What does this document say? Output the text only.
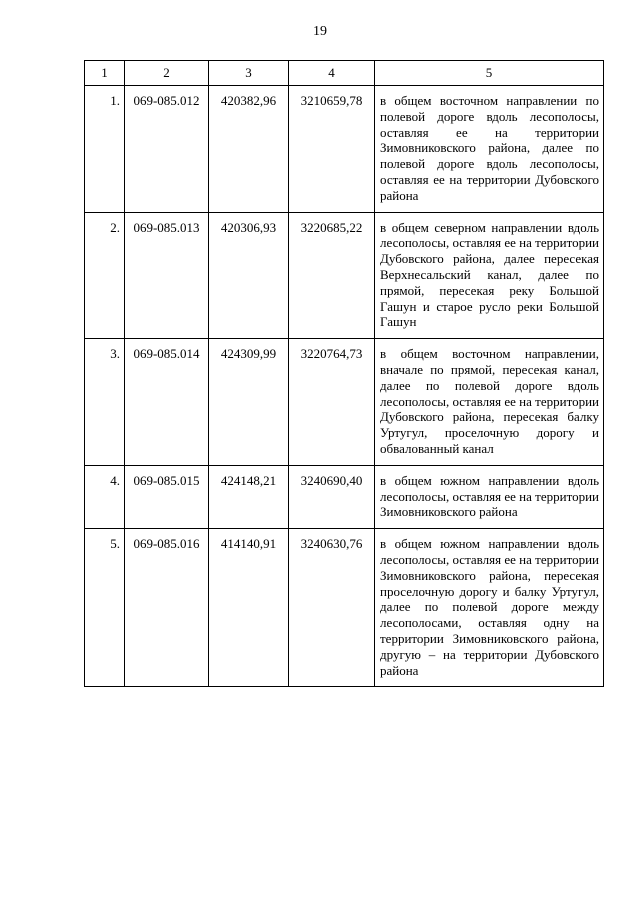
19
1	2	3	4	5
1.	069-085.012	420382,96	3210659,78	в общем восточном направлении по полевой дороге вдоль лесополосы, оставляя ее на территории Зимовниковского района, далее по полевой дороге вдоль лесополосы, оставляя ее на территории Дубовского района
2.	069-085.013	420306,93	3220685,22	в общем северном направлении вдоль лесополосы, оставляя ее на территории Дубовского района, далее пересекая Верхнесальский канал, далее по прямой, пересекая реку Большой Гашун и старое русло реки Большой Гашун
3.	069-085.014	424309,99	3220764,73	в общем восточном направлении, вначале по прямой, пересекая канал, далее по полевой дороге вдоль лесополосы, оставляя ее на территории Дубовского района, пересекая балку Уртугул, проселочную дорогу и обвалованный канал
4.	069-085.015	424148,21	3240690,40	в общем южном направлении вдоль лесополосы, оставляя ее на территории Зимовниковского района
5.	069-085.016	414140,91	3240630,76	в общем южном направлении вдоль лесополосы, оставляя ее на территории Зимовниковского района, пересекая проселочную дорогу и балку Уртугул, далее по полевой дороге между лесополосами, оставляя одну на территории Зимовниковского района, другую – на территории Дубовского района
